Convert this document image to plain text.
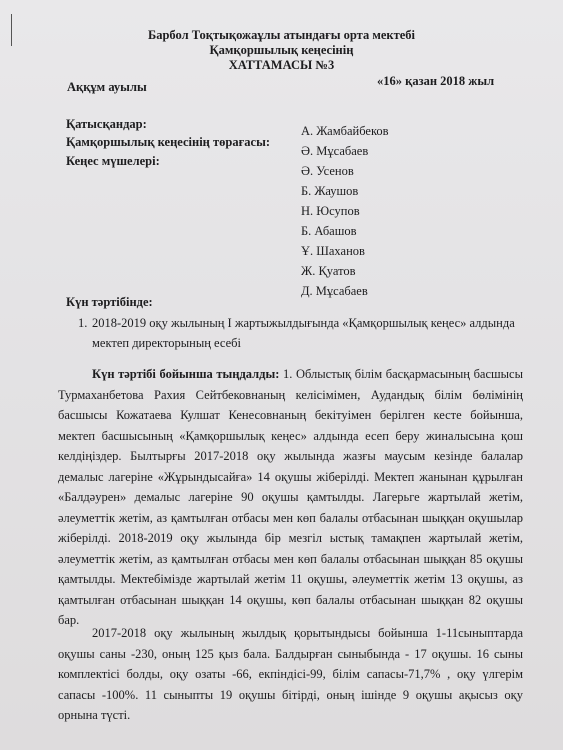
Барбол Тоқтықожаұлы атындағы орта мектебі
Қамқоршылық кеңесінің
ХАТТАМАСЫ №3
Аққұм ауылы	«16» қазан 2018 жыл
Қатысқандар:
Қамқоршылық кеңесінің төрағасы:
Кеңес мүшелері:
А. Жамбайбеков
Ә. Мұсабаев
Ә. Усенов
Б. Жаушов
Н. Юсупов
Б. Абашов
Ұ. Шаханов
Ж. Қуатов
Д. Мұсабаев
Күн тәртібінде:
1. 2018-2019 оқу жылының І жартыжылдығында «Қамқоршылық кеңес» алдында мектеп директорының есебі

Күн тәртібі бойынша тыңдалды: 1. Облыстық білім басқармасының басшысы Турмаханбетова Рахия Сейтбековнаның келісімімен, Аудандық білім бөлімінің басшысы Кожатаева Кулшат Кенесовнаның бекітуімен берілген кесте бойынша, мектеп басшысының «Қамқоршылық кеңес» алдында есеп беру жиналысына қош келдіңіздер. Былтырғы 2017-2018 оқу жылында жазғы маусым кезінде балалар демалыс лагеріне «Жұрындысайға» 14 оқушы жіберілді. Мектеп жанынан құрылған «Балдәурен» демалыс лагеріне 90 оқушы қамтылды. Лагерьге жартылай жетім, әлеуметтік жетім, аз қамтылған отбасы мен көп балалы отбасынан шыққан оқушылар жіберілді. 2018-2019 оқу жылында бір мезгіл ыстық тамақпен жартылай жетім, әлеуметтік жетім, аз қамтылған отбасы мен көп балалы отбасынан шыққан 85 оқушы қамтылды. Мектебімізде жартылай жетім 11 оқушы, әлеуметтік жетім 13 оқушы, аз қамтылған отбасынан шыққан 14 оқушы, көп балалы отбасынан шыққан 82 оқушы бар.

2017-2018 оқу жылының жылдық қорытындысы бойынша 1-11сыныптарда оқушы саны -230, оның 125 қыз бала. Балдырған сыныбында - 17 оқушы. 16 сыны комплектісі болды, оқу озаты -66, екпіндісі-99, білім сапасы-71,7% , оқу үлгерім сапасы -100%. 11 сыныпты 19 оқушы бітірді, оның ішінде 9 оқушы ақысыз оқу орнына түсті.
